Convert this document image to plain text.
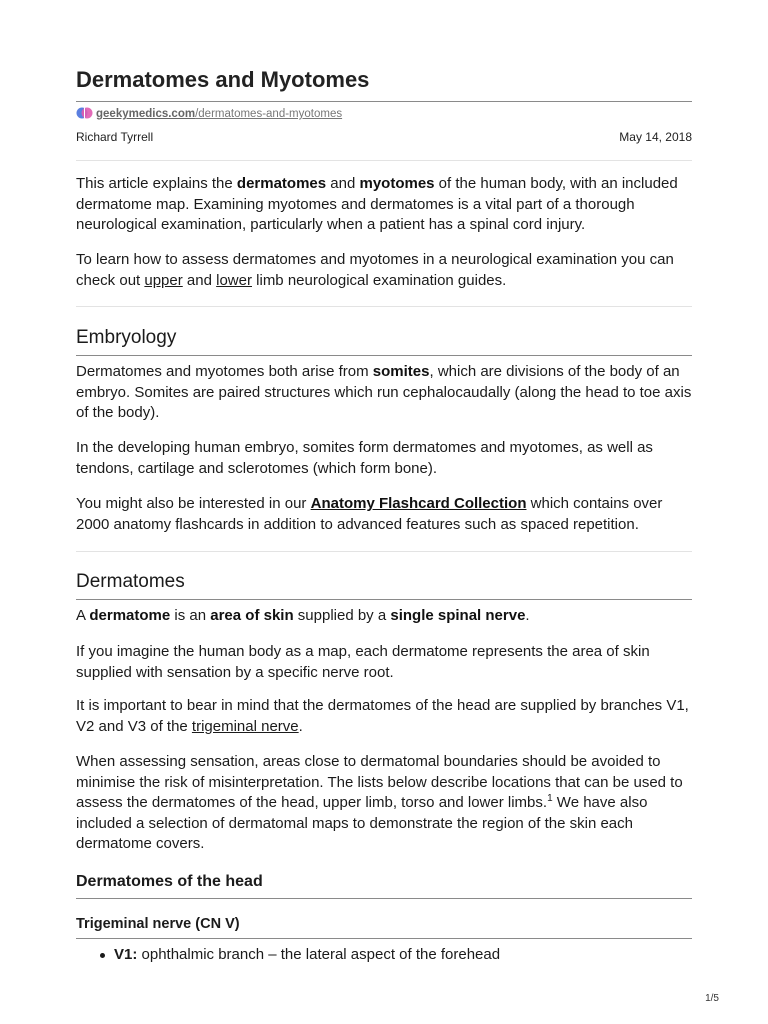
Dermatomes and Myotomes
geekymedics.com/dermatomes-and-myotomes
Richard Tyrrell	May 14, 2018

This article explains the dermatomes and myotomes of the human body, with an included dermatome map. Examining myotomes and dermatomes is a vital part of a thorough neurological examination, particularly when a patient has a spinal cord injury.

To learn how to assess dermatomes and myotomes in a neurological examination you can check out upper and lower limb neurological examination guides.

Embryology

Dermatomes and myotomes both arise from somites, which are divisions of the body of an embryo. Somites are paired structures which run cephalocaudally (along the head to toe axis of the body).

In the developing human embryo, somites form dermatomes and myotomes, as well as tendons, cartilage and sclerotomes (which form bone).

You might also be interested in our Anatomy Flashcard Collection which contains over 2000 anatomy flashcards in addition to advanced features such as spaced repetition.

Dermatomes

A dermatome is an area of skin supplied by a single spinal nerve.

If you imagine the human body as a map, each dermatome represents the area of skin supplied with sensation by a specific nerve root.

It is important to bear in mind that the dermatomes of the head are supplied by branches V1, V2 and V3 of the trigeminal nerve.

When assessing sensation, areas close to dermatomal boundaries should be avoided to minimise the risk of misinterpretation. The lists below describe locations that can be used to assess the dermatomes of the head, upper limb, torso and lower limbs.$^1$ We have also included a selection of dermatomal maps to demonstrate the region of the skin each dermatome covers.

Dermatomes of the head
Trigeminal nerve (CN V)
V1: ophthalmic branch – the lateral aspect of the forehead
1/5
